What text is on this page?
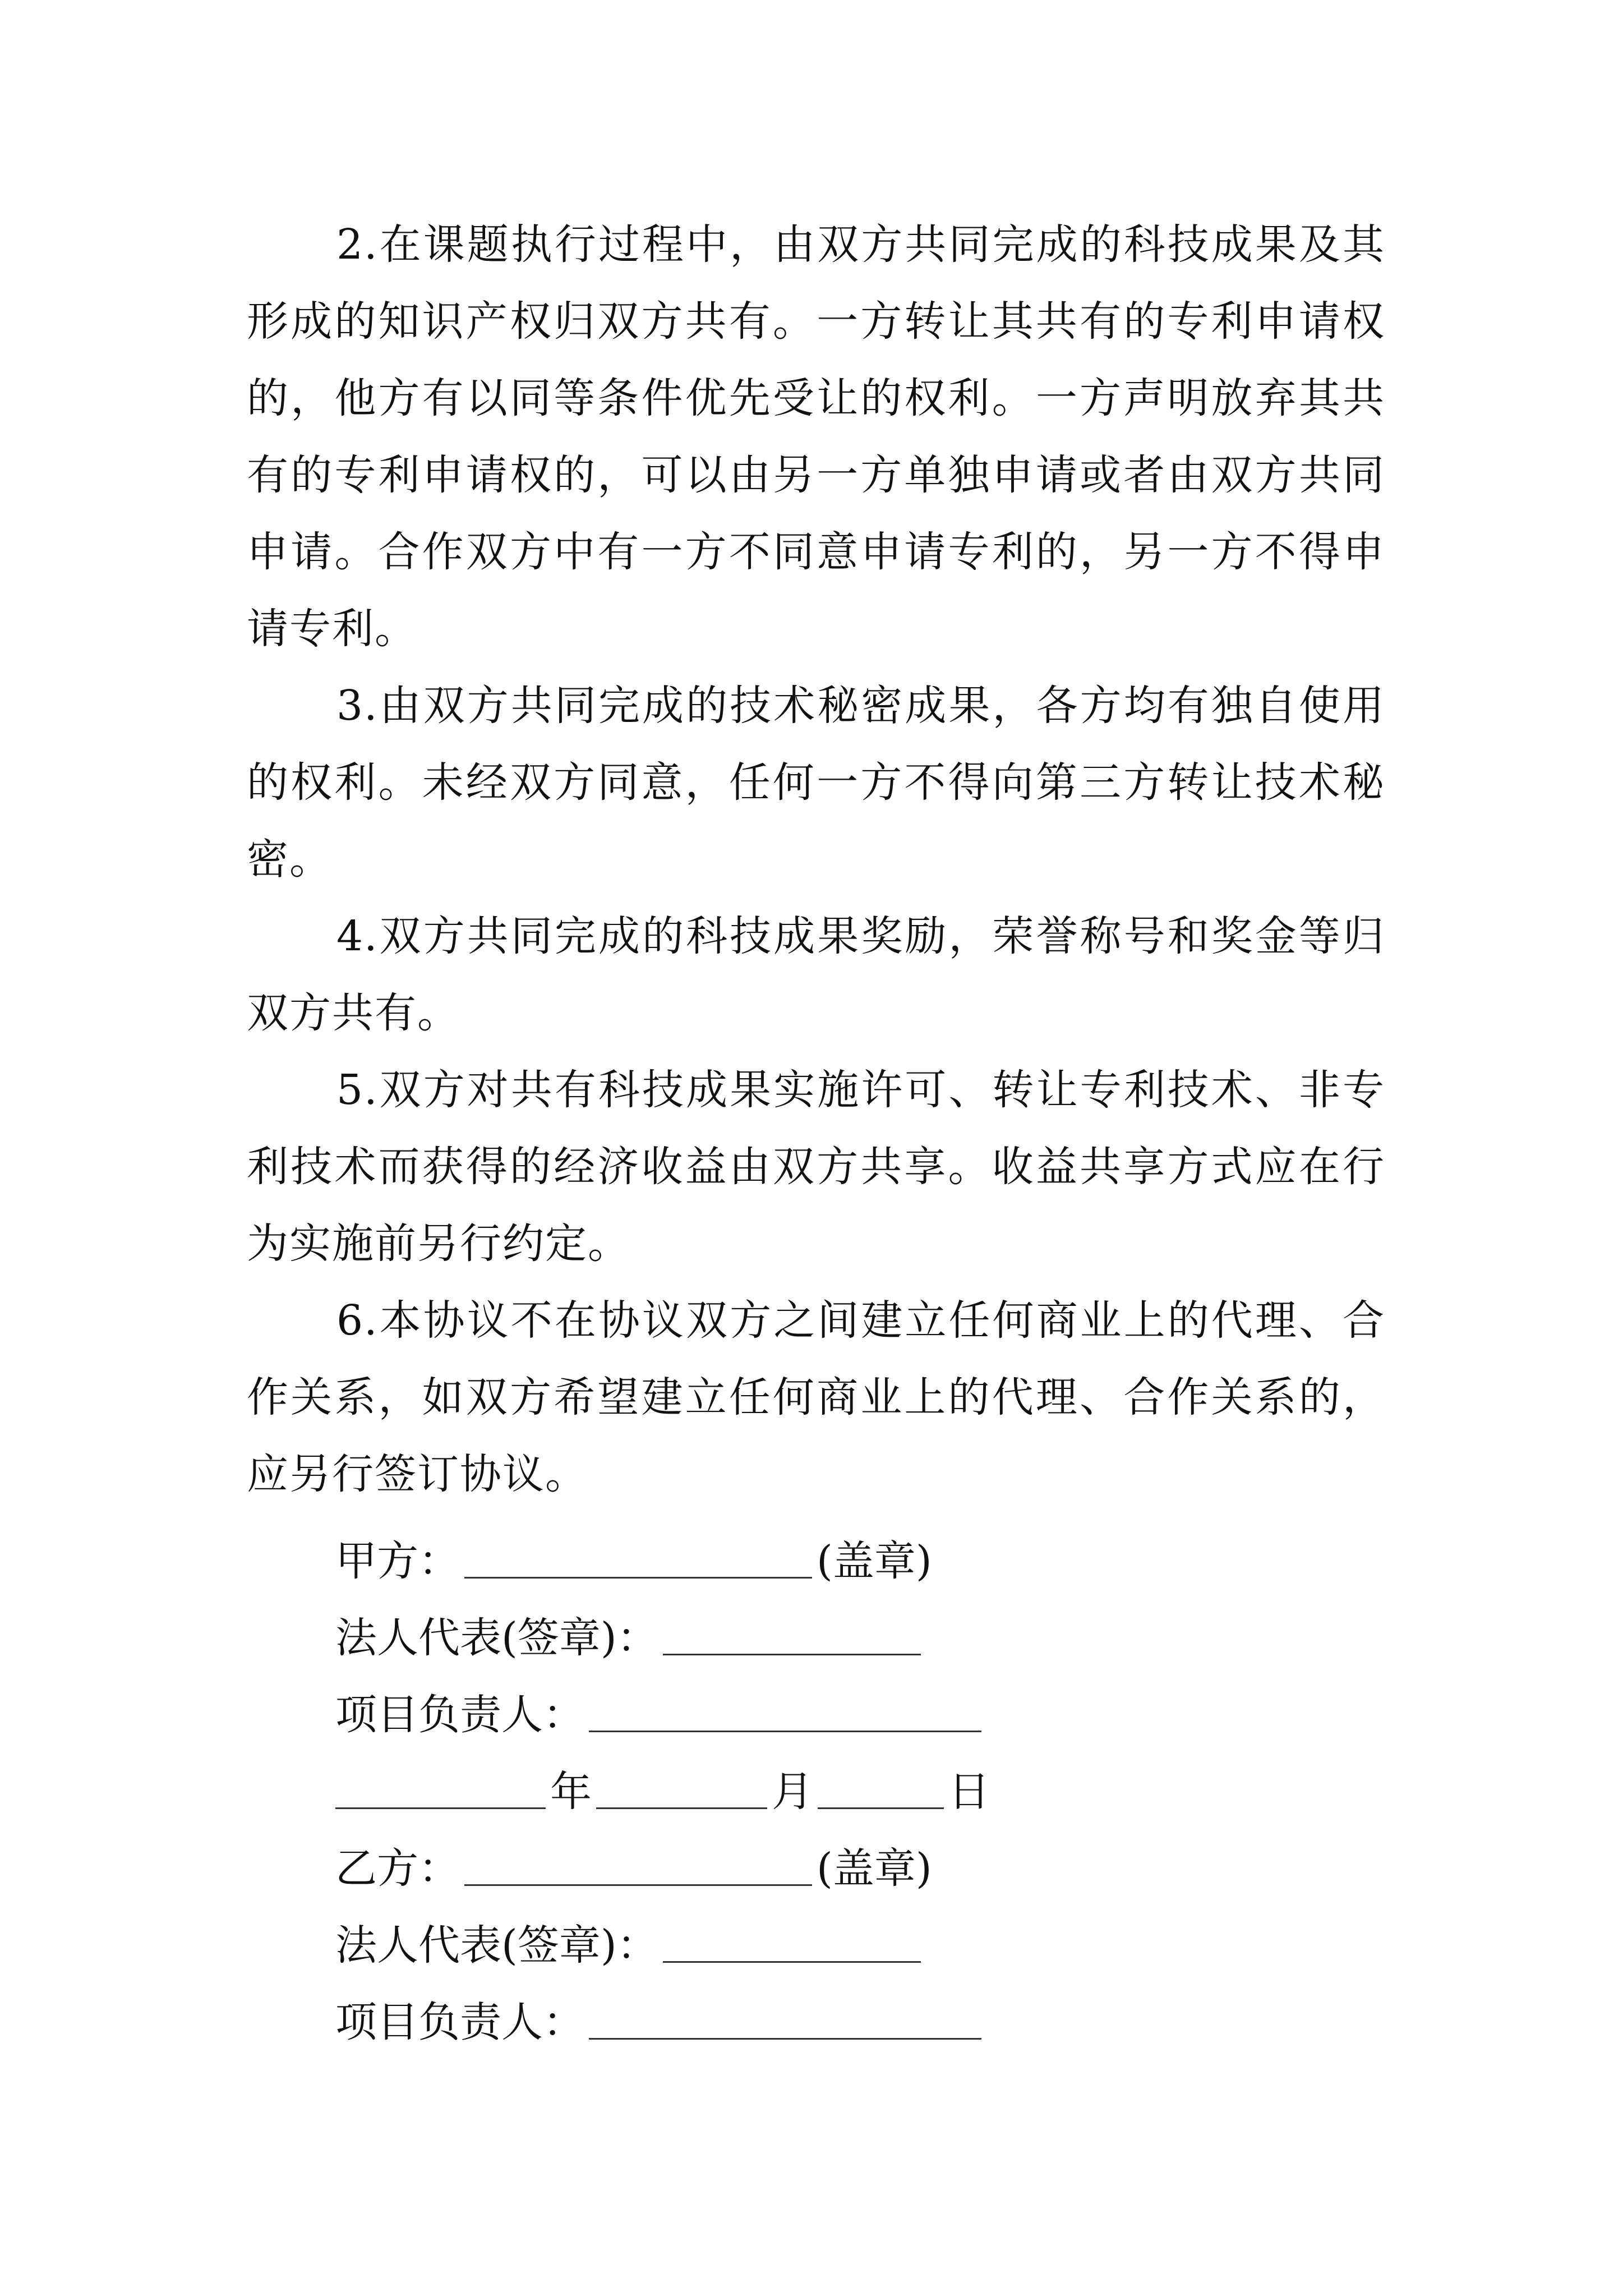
2.在课题执行过程中，由双方共同完成的科技成果及其形成的知识产权归双方共有。一方转让其共有的专利申请权的，他方有以同等条件优先受让的权利。一方声明放弃其共有的专利申请权的，可以由另一方单独申请或者由双方共同申请。合作双方中有一方不同意申请专利的，另一方不得申请专利。

3.由双方共同完成的技术秘密成果，各方均有独自使用的权利。未经双方同意，任何一方不得向第三方转让技术秘密。

4.双方共同完成的科技成果奖励，荣誉称号和奖金等归双方共有。

5.双方对共有科技成果实施许可、转让专利技术、非专利技术而获得的经济收益由双方共享。收益共享方式应在行为实施前另行约定。

6.本协议不在协议双方之间建立任何商业上的代理、合作关系，如双方希望建立任何商业上的代理、合作关系的，应另行签订协议。

甲方：	(盖章)
法人代表(签章)：
项目负责人：
年	月	日
乙方：	(盖章)
法人代表(签章)：
项目负责人：
